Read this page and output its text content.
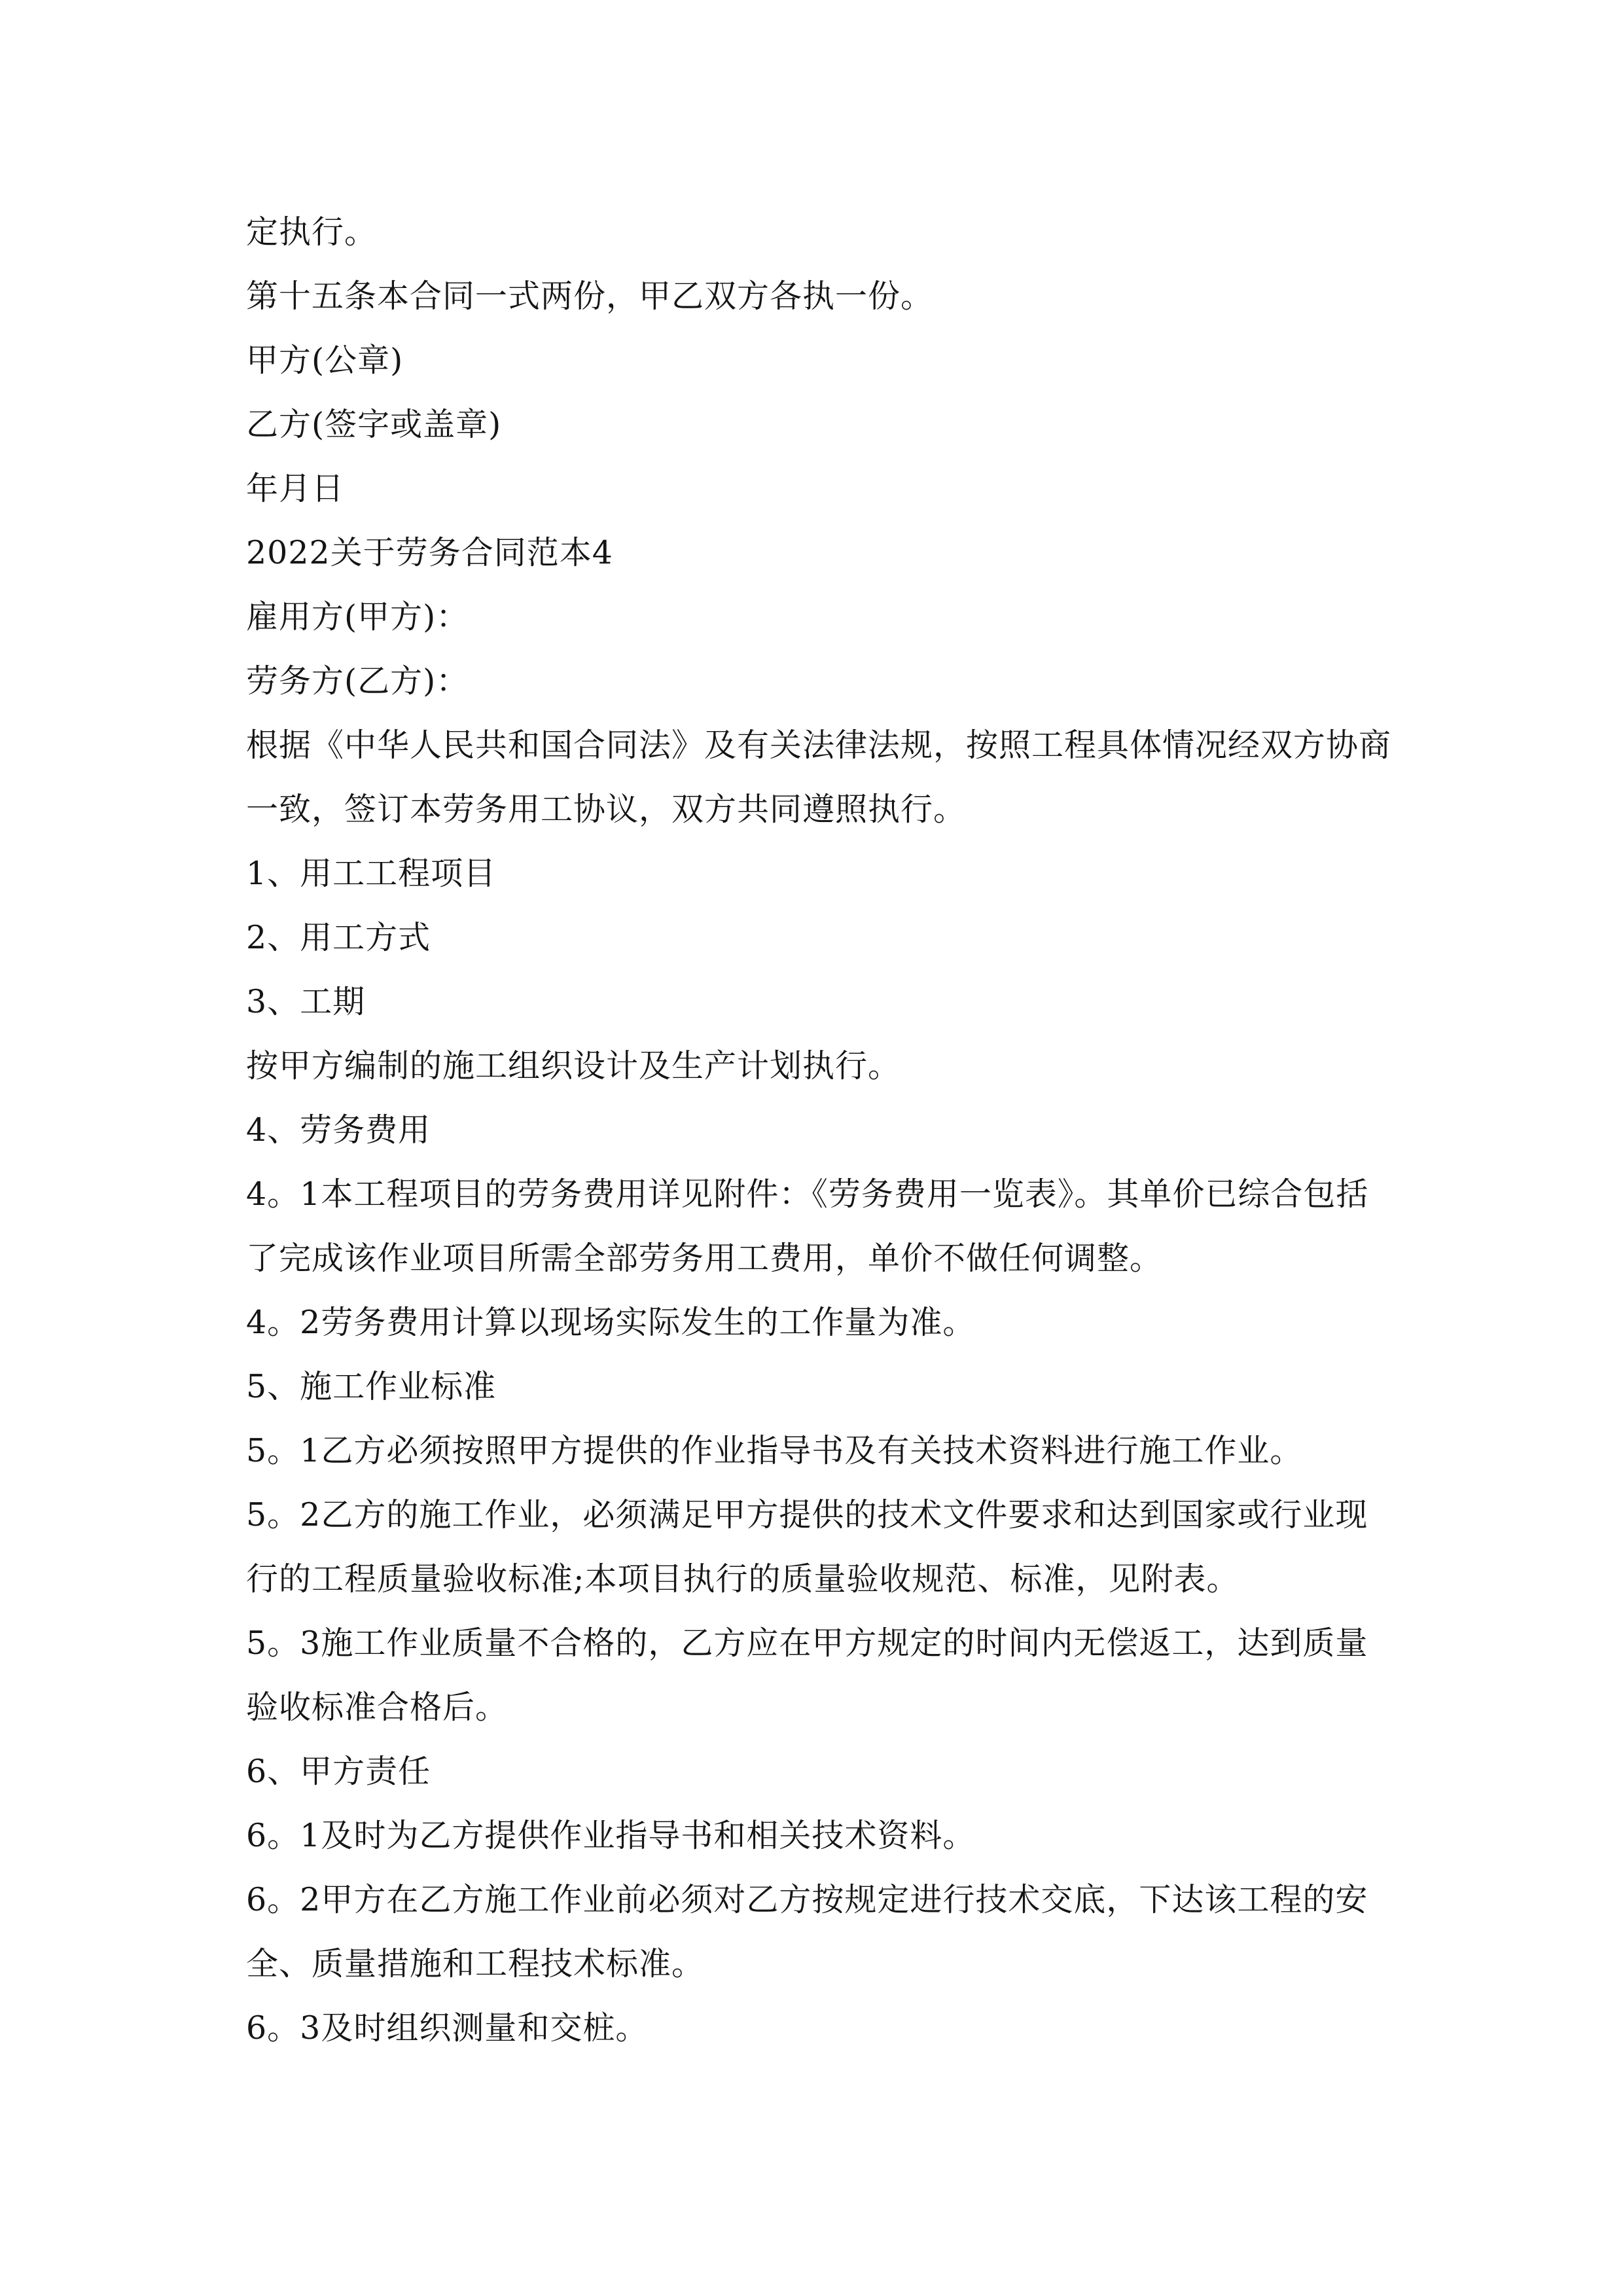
定执行。
第十五条本合同一式两份，甲乙双方各执一份。
甲方(公章)
乙方(签字或盖章)
年月日
2022关于劳务合同范本4
雇用方(甲方)：
劳务方(乙方)：
根据《中华人民共和国合同法》及有关法律法规，按照工程具体情况经双方协商
一致，签订本劳务用工协议，双方共同遵照执行。
1、用工工程项目
2、用工方式
3、工期
按甲方编制的施工组织设计及生产计划执行。
4、劳务费用
4。1本工程项目的劳务费用详见附件：《劳务费用一览表》。其单价已综合包括
了完成该作业项目所需全部劳务用工费用，单价不做任何调整。
4。2劳务费用计算以现场实际发生的工作量为准。
5、施工作业标准
5。1乙方必须按照甲方提供的作业指导书及有关技术资料进行施工作业。
5。2乙方的施工作业，必须满足甲方提供的技术文件要求和达到国家或行业现
行的工程质量验收标准;本项目执行的质量验收规范、标准，见附表。
5。3施工作业质量不合格的，乙方应在甲方规定的时间内无偿返工，达到质量
验收标准合格后。
6、甲方责任
6。1及时为乙方提供作业指导书和相关技术资料。
6。2甲方在乙方施工作业前必须对乙方按规定进行技术交底，下达该工程的安
全、质量措施和工程技术标准。
6。3及时组织测量和交桩。
